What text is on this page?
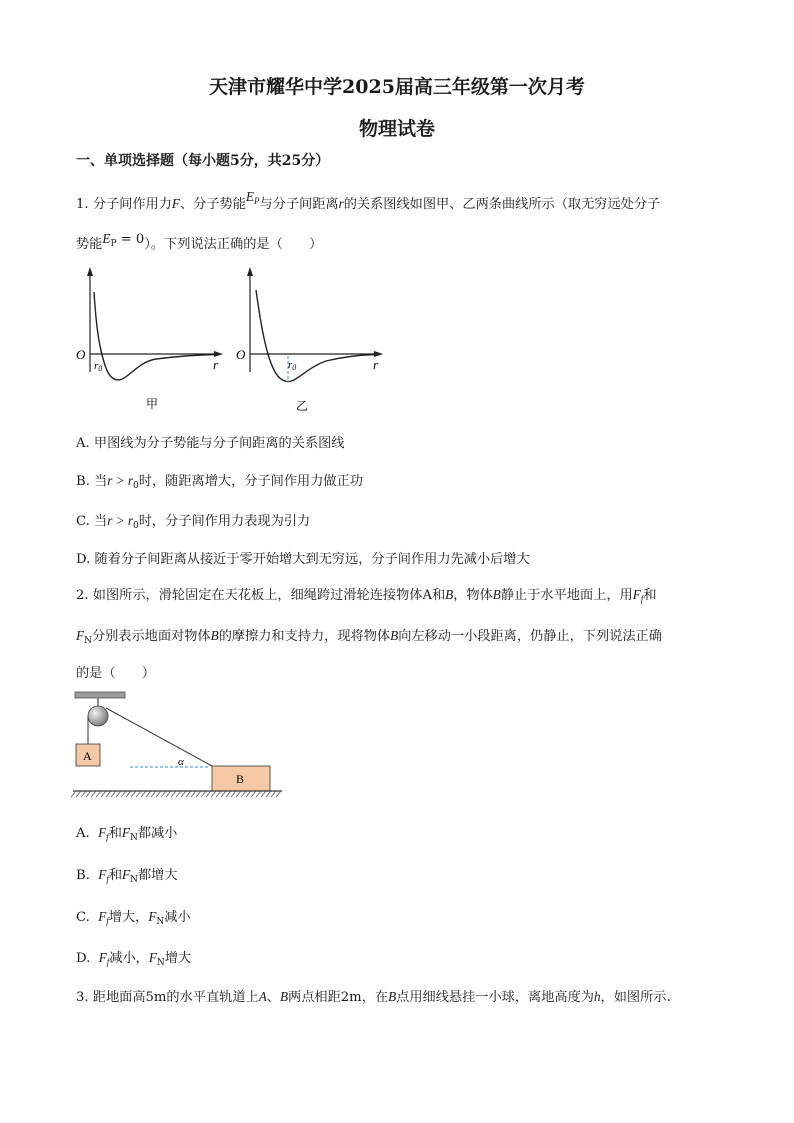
天津市耀华中学2025届高三年级第一次月考
物理试卷
一、单项选择题（每小题5分，共25分）
1. 分子间作用力F、分子势能$E_P$与分子间距离r的关系图线如图甲、乙两条曲线所示（取无穷远处分子
势能$E_P = 0$）。下列说法正确的是（　　）
O
r0	r
甲
O
r0	r
乙
A. 甲图线为分子势能与分子间距离的关系图线
B. 当$r > r_0$时，随距离增大，分子间作用力做正功
C. 当$r > r_0$时，分子间作用力表现为引力
D. 随着分子间距离从接近于零开始增大到无穷远，分子间作用力先减小后增大
2. 如图所示，滑轮固定在天花板上，细绳跨过滑轮连接物体A和B，物体B静止于水平地面上，用$F_f$和
$F_N$分别表示地面对物体B的摩擦力和支持力，现将物体B向左移动一小段距离，仍静止，下列说法正确
的是（　　）
A	α
B
A. $F_f$和$F_N$都减小
B. $F_f$和$F_N$都增大
C. $F_f$增大，$F_N$减小
D. $F_f$减小，$F_N$增大
3. 距地面高5m的水平直轨道上A、B两点相距2m，在B点用细线悬挂一小球，离地高度为h，如图所示.
